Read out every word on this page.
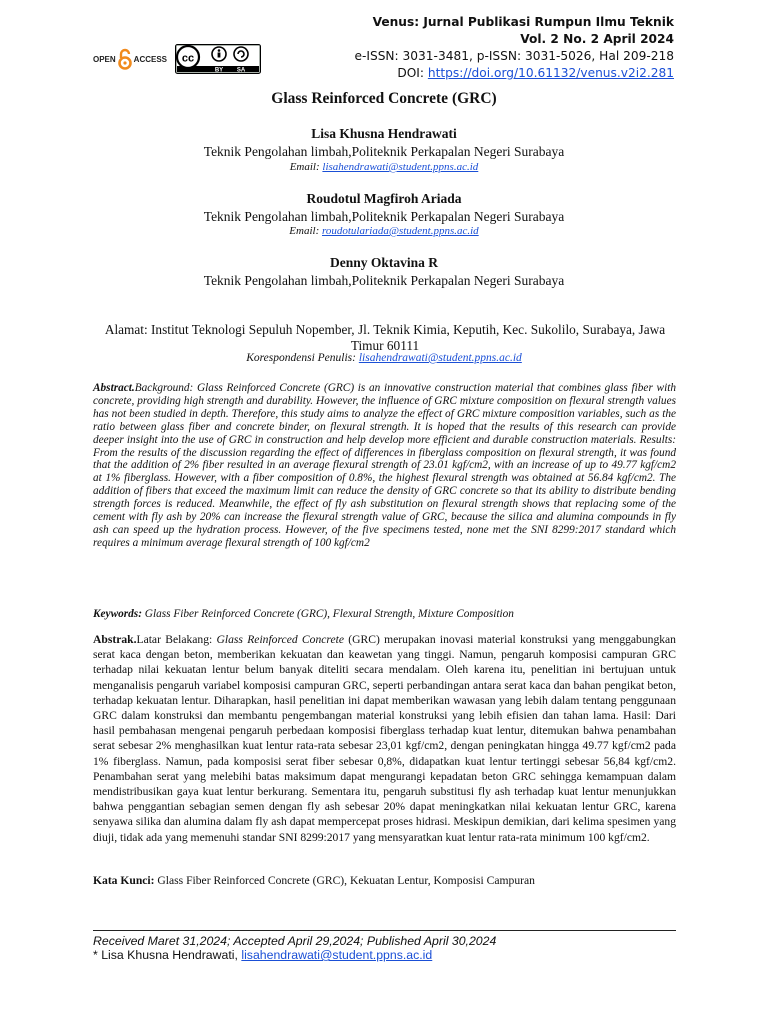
Venus: Jurnal Publikasi Rumpun Ilmu Teknik
Vol. 2 No. 2 April 2024
e-ISSN: 3031-3481, p-ISSN: 3031-5026, Hal 209-218
DOI: https://doi.org/10.61132/venus.v2i2.281
OPEN ACCESS cc
BY SA
Glass Reinforced Concrete (GRC)
Lisa Khusna Hendrawati
Teknik Pengolahan limbah,Politeknik Perkapalan Negeri Surabaya
Email: lisahendrawati@student.ppns.ac.id
Roudotul Magfiroh Ariada
Teknik Pengolahan limbah,Politeknik Perkapalan Negeri Surabaya
Email: roudotulariada@student.ppns.ac.id
Denny Oktavina R
Teknik Pengolahan limbah,Politeknik Perkapalan Negeri Surabaya
Alamat: Institut Teknologi Sepuluh Nopember, Jl. Teknik Kimia, Keputih, Kec. Sukolilo, Surabaya, Jawa Timur 60111
Korespondensi Penulis: lisahendrawati@student.ppns.ac.id
Abstract.Background: Glass Reinforced Concrete (GRC) is an innovative construction material that combines glass fiber with concrete, providing high strength and durability. However, the influence of GRC mixture composition on flexural strength values has not been studied in depth. Therefore, this study aims to analyze the effect of GRC mixture composition variables, such as the ratio between glass fiber and concrete binder, on flexural strength. It is hoped that the results of this research can provide deeper insight into the use of GRC in construction and help develop more efficient and durable construction materials. Results: From the results of the discussion regarding the effect of differences in fiberglass composition on flexural strength, it was found that the addition of 2% fiber resulted in an average flexural strength of 23.01 kgf/cm2, with an increase of up to 49.77 kgf/cm2 at 1% fiberglass. However, with a fiber composition of 0.8%, the highest flexural strength was obtained at 56.84 kgf/cm2. The addition of fibers that exceed the maximum limit can reduce the density of GRC concrete so that its ability to distribute bending strength forces is reduced. Meanwhile, the effect of fly ash substitution on flexural strength shows that replacing some of the cement with fly ash by 20% can increase the flexural strength value of GRC, because the silica and alumina compounds in fly ash can speed up the hydration process. However, of the five specimens tested, none met the SNI 8299:2017 standard which requires a minimum average flexural strength of 100 kgf/cm2
Keywords: Glass Fiber Reinforced Concrete (GRC), Flexural Strength, Mixture Composition
Abstrak.Latar Belakang: Glass Reinforced Concrete (GRC) merupakan inovasi material konstruksi yang menggabungkan serat kaca dengan beton, memberikan kekuatan dan keawetan yang tinggi. Namun, pengaruh komposisi campuran GRC terhadap nilai kekuatan lentur belum banyak diteliti secara mendalam. Oleh karena itu, penelitian ini bertujuan untuk menganalisis pengaruh variabel komposisi campuran GRC, seperti perbandingan antara serat kaca dan bahan pengikat beton, terhadap kekuatan lentur. Diharapkan, hasil penelitian ini dapat memberikan wawasan yang lebih dalam tentang penggunaan GRC dalam konstruksi dan membantu pengembangan material konstruksi yang lebih efisien dan tahan lama. Hasil: Dari hasil pembahasan mengenai pengaruh perbedaan komposisi fiberglass terhadap kuat lentur, ditemukan bahwa penambahan serat sebesar 2% menghasilkan kuat lentur rata-rata sebesar 23,01 kgf/cm2, dengan peningkatan hingga 49.77 kgf/cm2 pada 1% fiberglass. Namun, pada komposisi serat fiber sebesar 0,8%, didapatkan kuat lentur tertinggi sebesar 56,84 kgf/cm2. Penambahan serat yang melebihi batas maksimum dapat mengurangi kepadatan beton GRC sehingga kemampuan dalam mendistribusikan gaya kuat lentur berkurang. Sementara itu, pengaruh substitusi fly ash terhadap kuat lentur menunjukkan bahwa penggantian sebagian semen dengan fly ash sebesar 20% dapat meningkatkan nilai kekuatan lentur GRC, karena senyawa silika dan alumina dalam fly ash dapat mempercepat proses hidrasi. Meskipun demikian, dari kelima spesimen yang diuji, tidak ada yang memenuhi standar SNI 8299:2017 yang mensyaratkan kuat lentur rata-rata minimum 100 kgf/cm2.
Kata Kunci: Glass Fiber Reinforced Concrete (GRC), Kekuatan Lentur, Komposisi Campuran
Received Maret 31,2024; Accepted April 29,2024; Published April 30,2024
* Lisa Khusna Hendrawati, lisahendrawati@student.ppns.ac.id
